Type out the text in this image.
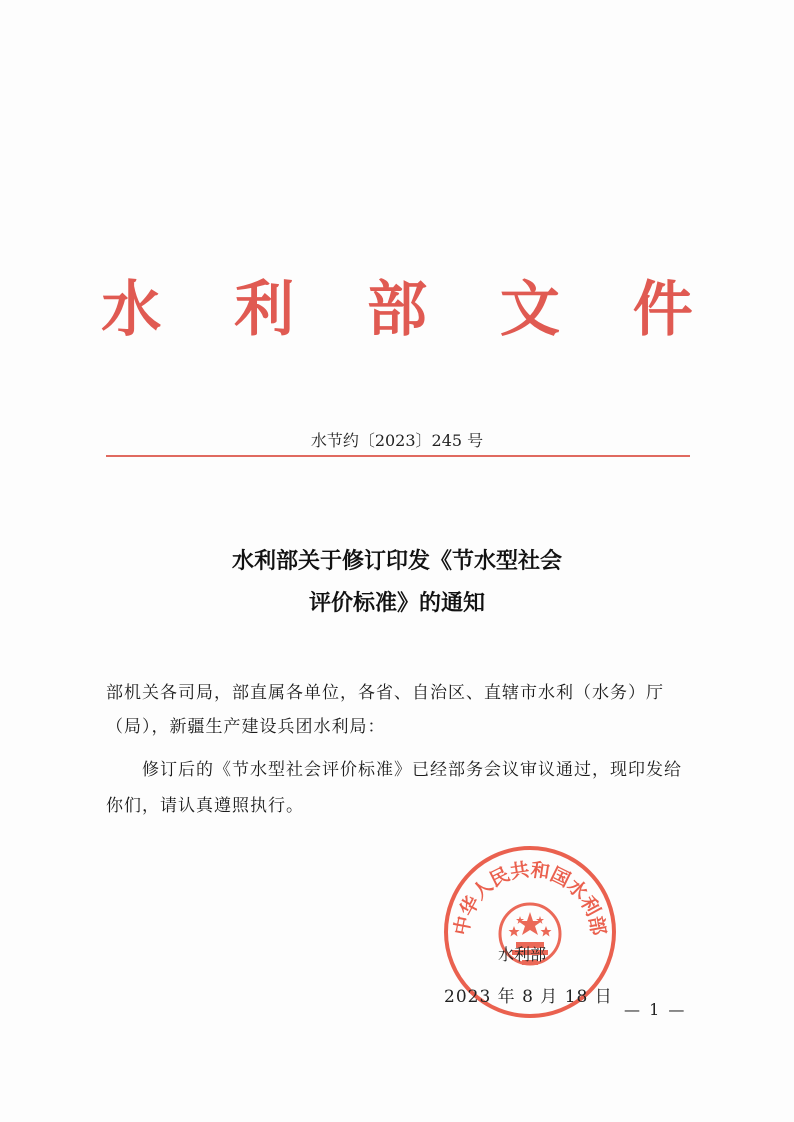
水 利 部 文 件
水节约〔2023〕245 号
水利部关于修订印发《节水型社会
评价标准》的通知
部机关各司局，部直属各单位，各省、自治区、直辖市水利（水务）厅
（局），新疆生产建设兵团水利局：
修订后的《节水型社会评价标准》已经部务会议审议通过，现印发给你们，请认真遵照执行。
中华人民共和国水利部
水利部
2023 年 8 月 18 日
— 1 —
